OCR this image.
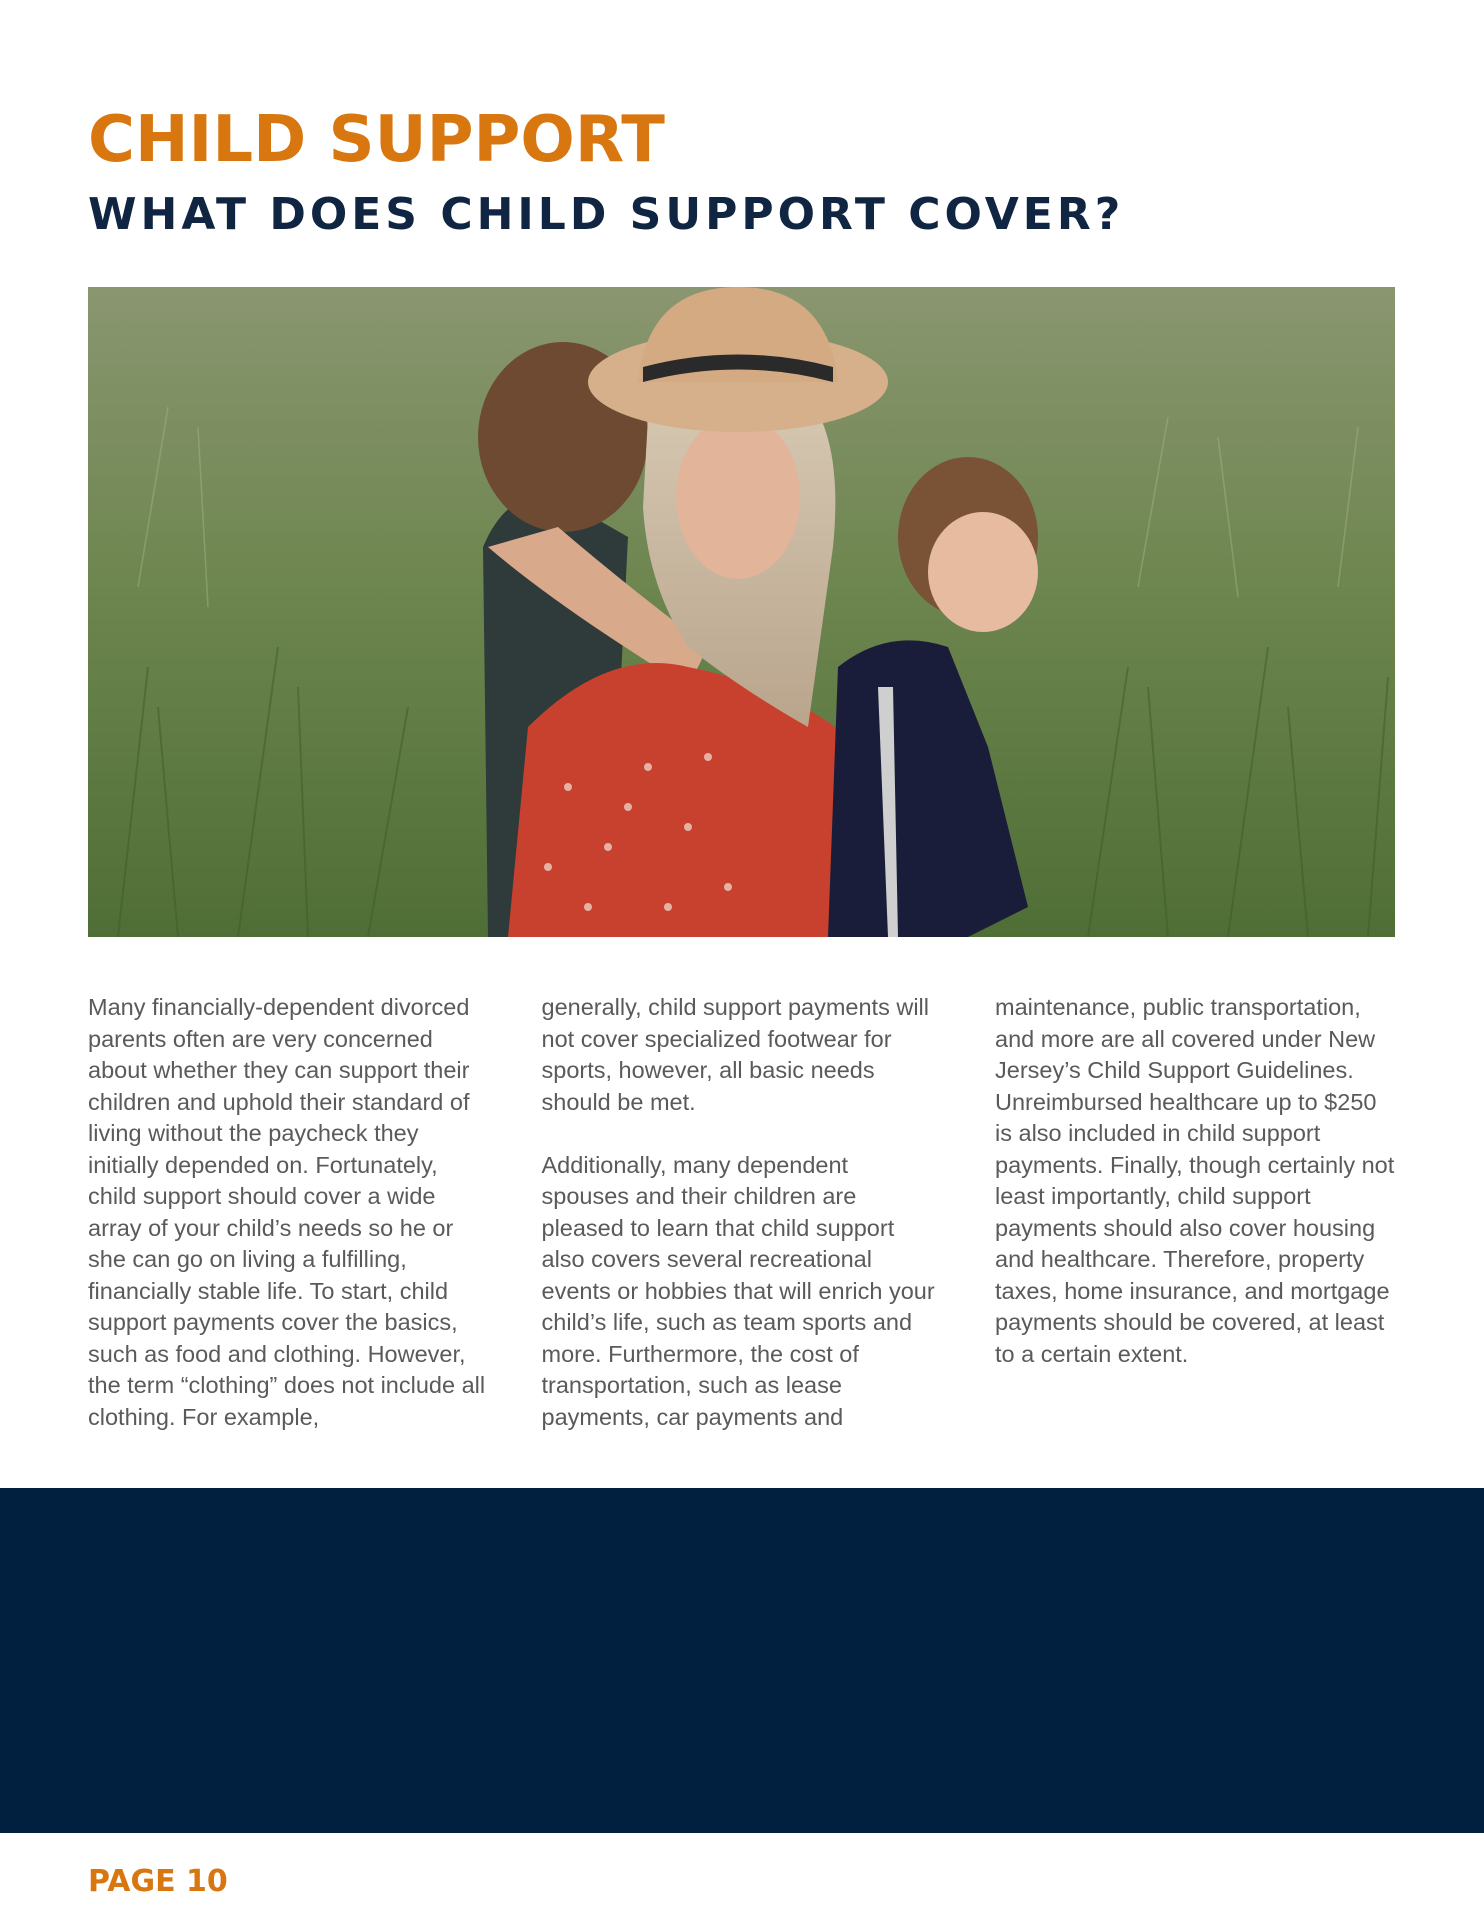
CHILD SUPPORT
WHAT DOES CHILD SUPPORT COVER?

Many financially-dependent divorced parents often are very concerned about whether they can support their children and uphold their standard of living without the paycheck they initially depended on. Fortunately, child support should cover a wide array of your child’s needs so he or she can go on living a fulfilling, financially stable life. To start, child support payments cover the basics, such as food and clothing. However, the term “clothing” does not include all clothing. For example,

generally, child support payments will not cover specialized footwear for sports, however, all basic needs should be met.

Additionally, many dependent spouses and their children are pleased to learn that child support also covers several recreational events or hobbies that will enrich your child’s life, such as team sports and more. Furthermore, the cost of transportation, such as lease payments, car payments and

maintenance, public transportation, and more are all covered under New Jersey’s Child Support Guidelines. Unreimbursed healthcare up to $250 is also included in child support payments. Finally, though certainly not least importantly, child support payments should also cover housing and healthcare. Therefore, property taxes, home insurance, and mortgage payments should be covered, at least to a certain extent.

PAGE 10
